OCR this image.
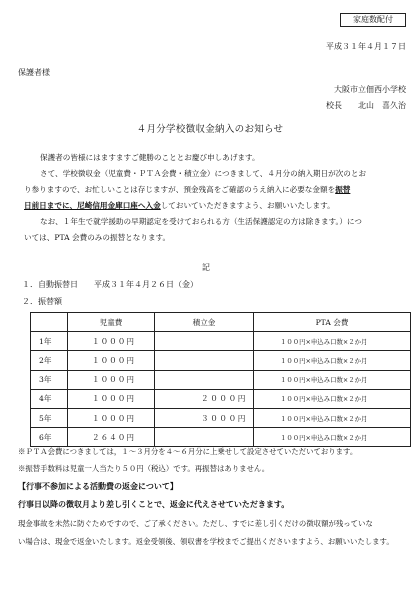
家庭数配付
平成３１年４月１７日
保護者様
大阪市立佃西小学校
校長　　北山　喜久治
４月分学校徴収金納入のお知らせ
保護者の皆様にはますますご健勝のこととお慶び申しあげます。
さて、学校徴収金（児童費・ＰＴＡ会費・積立金）につきまして、４月分の納入期日が次のとお
り参りますので、お忙しいことは存じますが、預金残高をご確認のうえ納入に必要な金額を振替
日前日までに、尼崎信用金庫口座へ入金しておいていただきますよう、お願いいたします。
なお、１年生で就学援助の早期認定を受けておられる方（生活保護認定の方は除きます。）につ
いては、PTA 会費のみの振替となります。
記
１．自動振替日　　平成３１年４月２６日（金）
２．振替額
	児童費	積立金	PTA 会費
1年	１０００円		１００円×申込み口数×２か月
2年	１０００円		１００円×申込み口数×２か月
3年	１０００円		１００円×申込み口数×２か月
4年	１０００円	２０００円	１００円×申込み口数×２か月
5年	１０００円	３０００円	１００円×申込み口数×２か月
6年	２６４０円		１００円×申込み口数×２か月
※ＰＴＡ会費につきましては，１～３月分を４～６月分に上乗せして設定させていただいております。
※振替手数料は児童一人当たり５０円（税込）です。再振替はありません。
【行事不参加による活動費の返金について】
行事日以降の徴収月より差し引くことで、返金に代えさせていただきます。
現金事故を未然に防ぐためですので、ご了承ください。ただし、すでに差し引くだけの徴収額が残っていな
い場合は、現金で返金いたします。返金受領後、領収書を学校までご提出くださいますよう、お願いいたします。
